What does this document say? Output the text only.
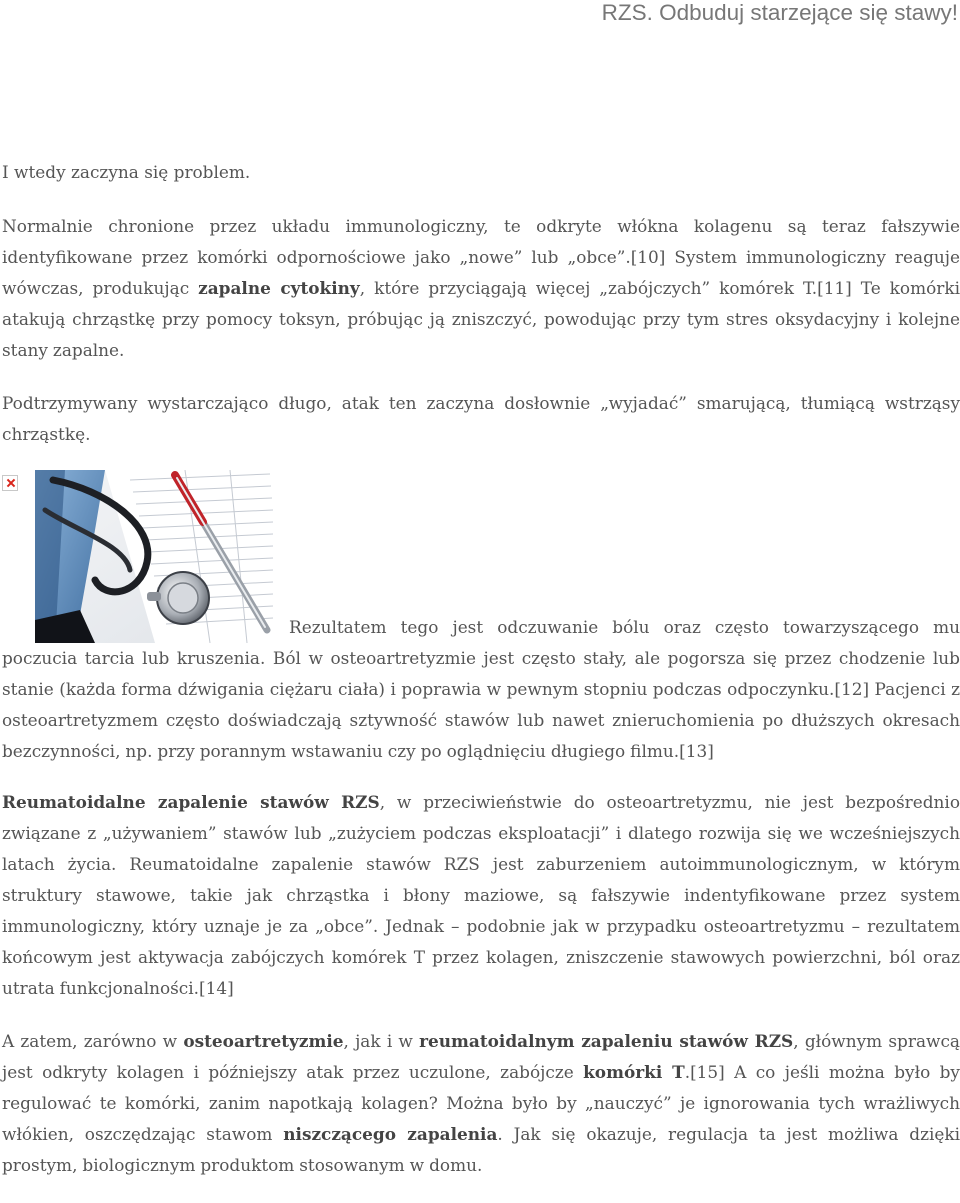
RZS. Odbuduj starzejące się stawy!

I wtedy zaczyna się problem.

Normalnie chronione przez układu immunologiczny, te odkryte włókna kolagenu są teraz fałszywie identyfikowane przez komórki odpornościowe jako „nowe” lub „obce”.[10] System immunologiczny reaguje wówczas, produkując zapalne cytokiny, które przyciągają więcej „zabójczych” komórek T.[11] Te komórki atakują chrząstkę przy pomocy toksyn, próbując ją zniszczyć, powodując przy tym stres oksydacyjny i kolejne stany zapalne.

Podtrzymywany wystarczająco długo, atak ten zaczyna dosłownie „wyjadać” smarującą, tłumiącą wstrząsy chrząstkę.

Rezultatem tego jest odczuwanie bólu oraz często towarzyszącego mu
poczucia tarcia lub kruszenia. Ból w osteoartretyzmie jest często stały, ale pogorsza się przez chodzenie lub stanie (każda forma dźwigania ciężaru ciała) i poprawia w pewnym stopniu podczas odpoczynku.[12] Pacjenci z osteoartretyzmem często doświadczają sztywność stawów lub nawet znieruchomienia po dłuższych okresach bezczynności, np. przy porannym wstawaniu czy po oglądnięciu długiego filmu.[13]

Reumatoidalne zapalenie stawów RZS, w przeciwieństwie do osteoartretyzmu, nie jest bezpośrednio związane z „używaniem” stawów lub „zużyciem podczas eksploatacji” i dlatego rozwija się we wcześniejszych latach życia. Reumatoidalne zapalenie stawów RZS jest zaburzeniem autoimmunologicznym, w którym struktury stawowe, takie jak chrząstka i błony maziowe, są fałszywie indentyfikowane przez system immunologiczny, który uznaje je za „obce”. Jednak – podobnie jak w przypadku osteoartretyzmu – rezultatem końcowym jest aktywacja zabójczych komórek T przez kolagen, zniszczenie stawowych powierzchni, ból oraz utrata funkcjonalności.[14]

A zatem, zarówno w osteoartretyzmie, jak i w reumatoidalnym zapaleniu stawów RZS, głównym sprawcą jest odkryty kolagen i późniejszy atak przez uczulone, zabójcze komórki T.[15] A co jeśli można było by regulować te komórki, zanim napotkają kolagen? Można było by „nauczyć” je ignorowania tych wrażliwych włókien, oszczędzając stawom niszczącego zapalenia. Jak się okazuje, regulacja ta jest możliwa dzięki prostym, biologicznym produktom stosowanym w domu.
